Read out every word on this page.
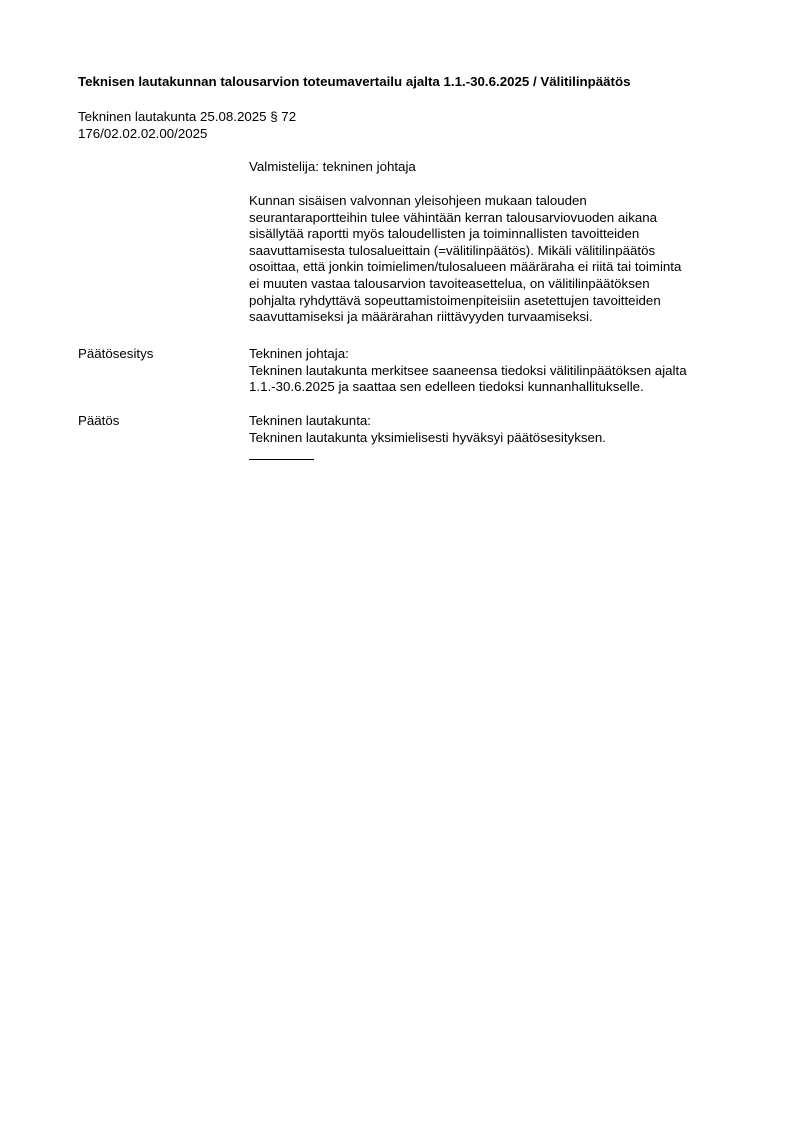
Teknisen lautakunnan talousarvion toteumavertailu ajalta 1.1.-30.6.2025 / Välitilinpäätös
Tekninen lautakunta 25.08.2025 § 72
176/02.02.02.00/2025
Valmistelija: tekninen johtaja
Kunnan sisäisen valvonnan yleisohjeen mukaan talouden
seurantaraportteihin tulee vähintään kerran talousarviovuoden aikana
sisällytää raportti myös taloudellisten ja toiminnallisten tavoitteiden
saavuttamisesta tulosalueittain (=välitilinpäätös). Mikäli välitilinpäätös
osoittaa, että jonkin toimielimen/tulosalueen määräraha ei riitä tai toiminta
ei muuten vastaa talousarvion tavoiteasettelua, on välitilinpäätöksen
pohjalta ryhdyttävä sopeuttamistoimenpiteisiin asetettujen tavoitteiden
saavuttamiseksi ja määrärahan riittävyyden turvaamiseksi.
Päätösesitys	Tekninen johtaja:
Tekninen lautakunta merkitsee saaneensa tiedoksi välitilinpäätöksen ajalta
1.1.-30.6.2025 ja saattaa sen edelleen tiedoksi kunnanhallitukselle.
Päätös	Tekninen lautakunta:
Tekninen lautakunta yksimielisesti hyväksyi päätösesityksen.
